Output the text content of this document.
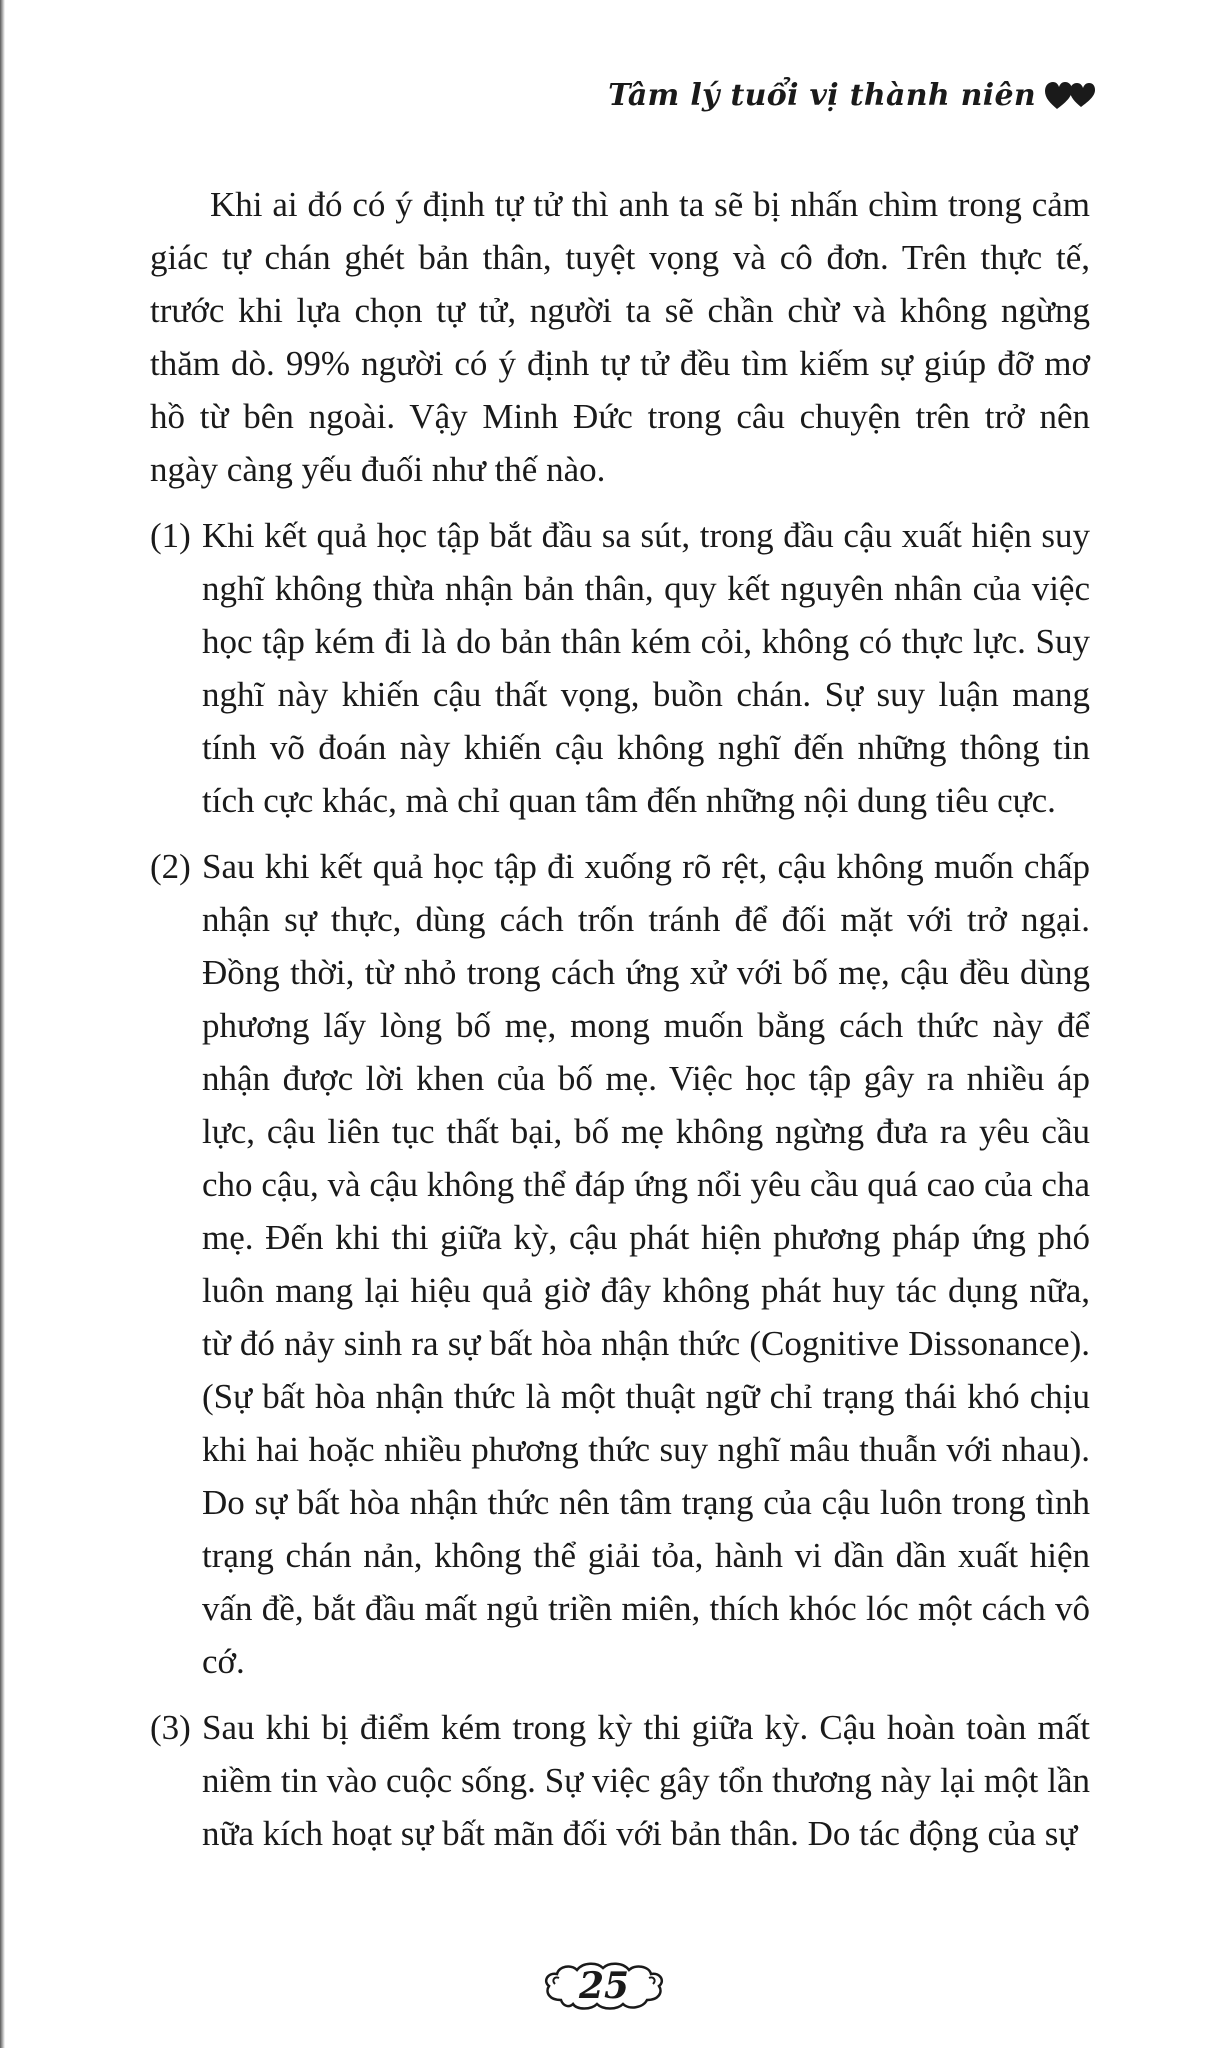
Tâm lý tuổi vị thành niên

Khi ai đó có ý định tự tử thì anh ta sẽ bị nhấn chìm trong cảm giác tự chán ghét bản thân, tuyệt vọng và cô đơn. Trên thực tế, trước khi lựa chọn tự tử, người ta sẽ chần chừ và không ngừng thăm dò. 99% người có ý định tự tử đều tìm kiếm sự giúp đỡ mơ hồ từ bên ngoài. Vậy Minh Đức trong câu chuyện trên trở nên ngày càng yếu đuối như thế nào.

(1) Khi kết quả học tập bắt đầu sa sút, trong đầu cậu xuất hiện suy nghĩ không thừa nhận bản thân, quy kết nguyên nhân của việc học tập kém đi là do bản thân kém cỏi, không có thực lực. Suy nghĩ này khiến cậu thất vọng, buồn chán. Sự suy luận mang tính võ đoán này khiến cậu không nghĩ đến những thông tin tích cực khác, mà chỉ quan tâm đến những nội dung tiêu cực.
(2) Sau khi kết quả học tập đi xuống rõ rệt, cậu không muốn chấp nhận sự thực, dùng cách trốn tránh để đối mặt với trở ngại. Đồng thời, từ nhỏ trong cách ứng xử với bố mẹ, cậu đều dùng phương lấy lòng bố mẹ, mong muốn bằng cách thức này để nhận được lời khen của bố mẹ. Việc học tập gây ra nhiều áp lực, cậu liên tục thất bại, bố mẹ không ngừng đưa ra yêu cầu cho cậu, và cậu không thể đáp ứng nổi yêu cầu quá cao của cha mẹ. Đến khi thi giữa kỳ, cậu phát hiện phương pháp ứng phó luôn mang lại hiệu quả giờ đây không phát huy tác dụng nữa, từ đó nảy sinh ra sự bất hòa nhận thức (Cognitive Dissonance). (Sự bất hòa nhận thức là một thuật ngữ chỉ trạng thái khó chịu khi hai hoặc nhiều phương thức suy nghĩ mâu thuẫn với nhau). Do sự bất hòa nhận thức nên tâm trạng của cậu luôn trong tình trạng chán nản, không thể giải tỏa, hành vi dần dần xuất hiện vấn đề, bắt đầu mất ngủ triền miên, thích khóc lóc một cách vô cớ.
(3) Sau khi bị điểm kém trong kỳ thi giữa kỳ. Cậu hoàn toàn mất niềm tin vào cuộc sống. Sự việc gây tổn thương này lại một lần nữa kích hoạt sự bất mãn đối với bản thân. Do tác động của sự
25
